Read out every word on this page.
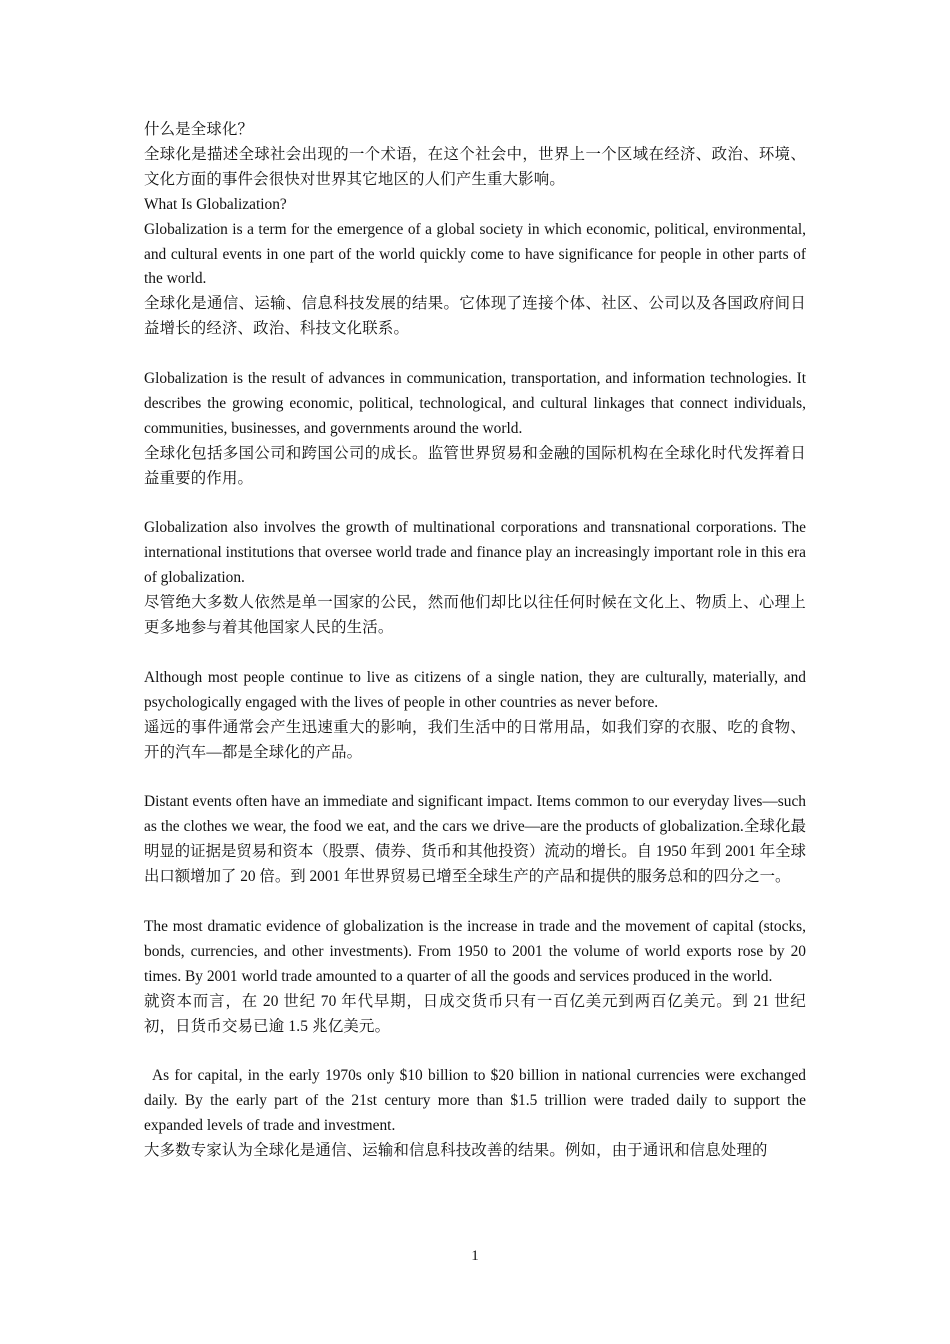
什么是全球化？

全球化是描述全球社会出现的一个术语，在这个社会中，世界上一个区域在经济、政治、环境、文化方面的事件会很快对世界其它地区的人们产生重大影响。

What Is Globalization?

Globalization is a term for the emergence of a global society in which economic, political, environmental, and cultural events in one part of the world quickly come to have significance for people in other parts of the world.

全球化是通信、运输、信息科技发展的结果。它体现了连接个体、社区、公司以及各国政府间日益增长的经济、政治、科技文化联系。

Globalization is the result of advances in communication, transportation, and information technologies. It describes the growing economic, political, technological, and cultural linkages that connect individuals, communities, businesses, and governments around the world.

全球化包括多国公司和跨国公司的成长。监管世界贸易和金融的国际机构在全球化时代发挥着日益重要的作用。

Globalization also involves the growth of multinational corporations and transnational corporations. The international institutions that oversee world trade and finance play an increasingly important role in this era of globalization.

尽管绝大多数人依然是单一国家的公民，然而他们却比以往任何时候在文化上、物质上、心理上更多地参与着其他国家人民的生活。

Although most people continue to live as citizens of a single nation, they are culturally, materially, and psychologically engaged with the lives of people in other countries as never before.

遥远的事件通常会产生迅速重大的影响，我们生活中的日常用品，如我们穿的衣服、吃的食物、开的汽车—都是全球化的产品。

Distant events often have an immediate and significant impact. Items common to our everyday lives—such as the clothes we wear, the food we eat, and the cars we drive—are the products of globalization.全球化最明显的证据是贸易和资本（股票、债券、货币和其他投资）流动的增长。自 1950 年到 2001 年全球出口额增加了 20 倍。到 2001 年世界贸易已增至全球生产的产品和提供的服务总和的四分之一。

The most dramatic evidence of globalization is the increase in trade and the movement of capital (stocks, bonds, currencies, and other investments). From 1950 to 2001 the volume of world exports rose by 20 times. By 2001 world trade amounted to a quarter of all the goods and services produced in the world.

就资本而言，在 20 世纪 70 年代早期，日成交货币只有一百亿美元到两百亿美元。到 21 世纪初，日货币交易已逾 1.5 兆亿美元。

As for capital, in the early 1970s only $10 billion to $20 billion in national currencies were exchanged daily. By the early part of the 21st century more than $1.5 trillion were traded daily to support the expanded levels of trade and investment.

大多数专家认为全球化是通信、运输和信息科技改善的结果。例如，由于通讯和信息处理的

1
